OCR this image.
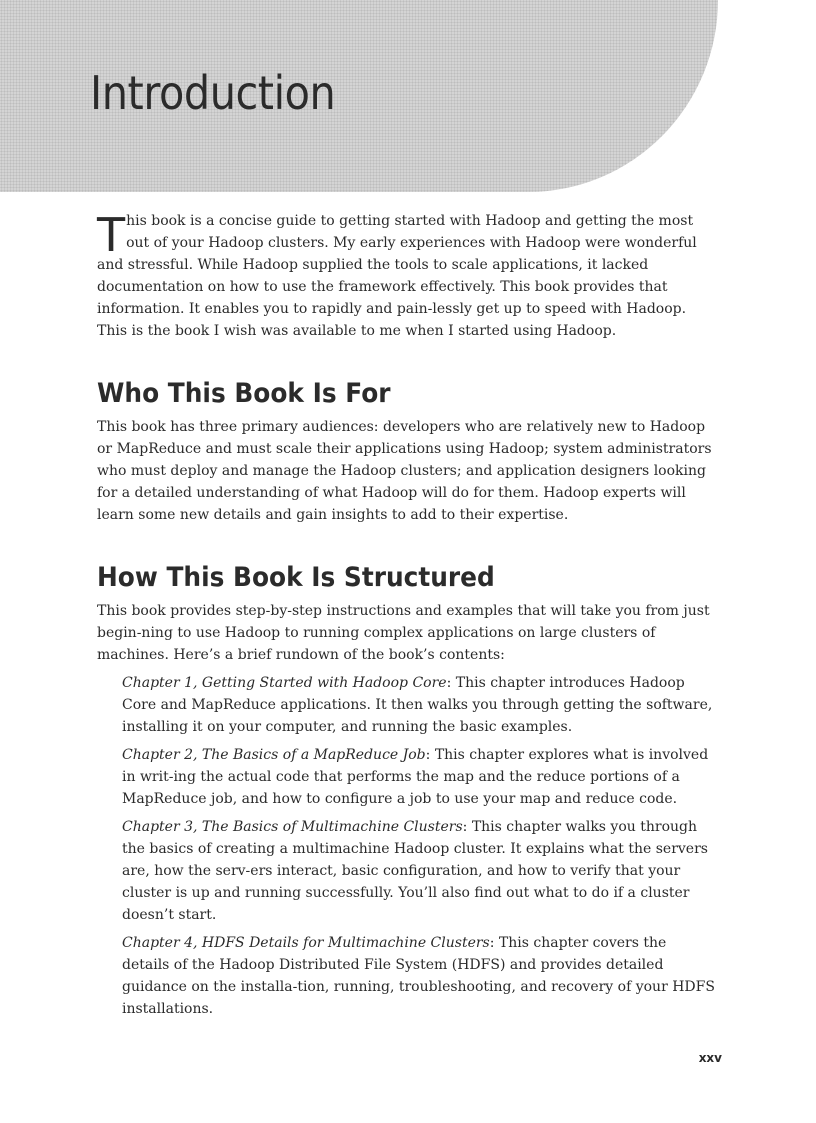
Introduction

This book is a concise guide to getting started with Hadoop and getting the most out of your Hadoop clusters. My early experiences with Hadoop were wonderful and stressful. While Hadoop supplied the tools to scale applications, it lacked documentation on how to use the framework effectively. This book provides that information. It enables you to rapidly and pain-lessly get up to speed with Hadoop. This is the book I wish was available to me when I started using Hadoop.

Who This Book Is For

This book has three primary audiences: developers who are relatively new to Hadoop or MapReduce and must scale their applications using Hadoop; system administrators who must deploy and manage the Hadoop clusters; and application designers looking for a detailed understanding of what Hadoop will do for them. Hadoop experts will learn some new details and gain insights to add to their expertise.

How This Book Is Structured

This book provides step-by-step instructions and examples that will take you from just begin-ning to use Hadoop to running complex applications on large clusters of machines. Here’s a brief rundown of the book’s contents:

Chapter 1, Getting Started with Hadoop Core: This chapter introduces Hadoop Core and MapReduce applications. It then walks you through getting the software, installing it on your computer, and running the basic examples.
Chapter 2, The Basics of a MapReduce Job: This chapter explores what is involved in writ-ing the actual code that performs the map and the reduce portions of a MapReduce job, and how to configure a job to use your map and reduce code.
Chapter 3, The Basics of Multimachine Clusters: This chapter walks you through the basics of creating a multimachine Hadoop cluster. It explains what the servers are, how the serv-ers interact, basic configuration, and how to verify that your cluster is up and running successfully. You’ll also find out what to do if a cluster doesn’t start.
Chapter 4, HDFS Details for Multimachine Clusters: This chapter covers the details of the Hadoop Distributed File System (HDFS) and provides detailed guidance on the installa-tion, running, troubleshooting, and recovery of your HDFS installations.
xxv
